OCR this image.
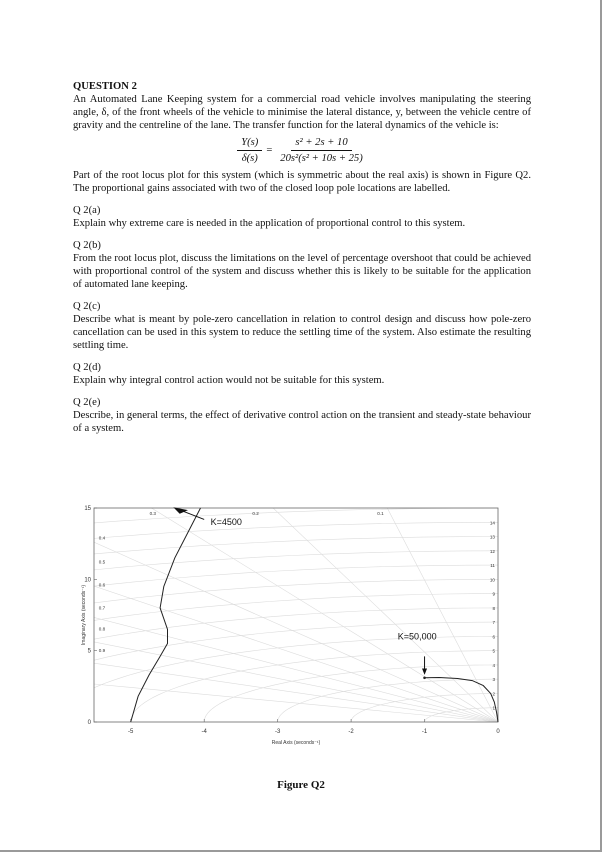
QUESTION 2

An Automated Lane Keeping system for a commercial road vehicle involves manipulating the steering angle, δ, of the front wheels of the vehicle to minimise the lateral distance, y, between the vehicle centre of gravity and the centreline of the lane. The transfer function for the lateral dynamics of the vehicle is:

$\frac{Y(s)}{\delta(s)} = \frac{\text{s² + 2s + 10}}{\text{20s²(s² + 10s + 25)}}$

Part of the root locus plot for this system (which is symmetric about the real axis) is shown in Figure Q2. The proportional gains associated with two of the closed loop pole locations are labelled.

Q 2(a)

Explain why extreme care is needed in the application of proportional control to this system.

Q 2(b)

From the root locus plot, discuss the limitations on the level of percentage overshoot that could be achieved with proportional control of the system and discuss whether this is likely to be suitable for the application of automated lane keeping.

Q 2(c)

Describe what is meant by pole-zero cancellation in relation to control design and discuss how pole-zero cancellation can be used in this system to reduce the settling time of the system. Also estimate the resulting settling time.

Q 2(d)

Explain why integral control action would not be suitable for this system.

Q 2(e)

Describe, in general terms, the effect of derivative control action on the transient and steady-state behaviour of a system.

-5	-4	-3	-2	-1	0
0
5
10
15
Real Axis (seconds⁻¹)
Imaginary Axis (seconds⁻¹)
0.4
0.5
0.6
0.7
0.8
0.9
0.3	0.2	0.1
14
13
12
11
10
9
8
7
6
5
4
3
2
1
K=4500
K=50,000
Figure Q2
